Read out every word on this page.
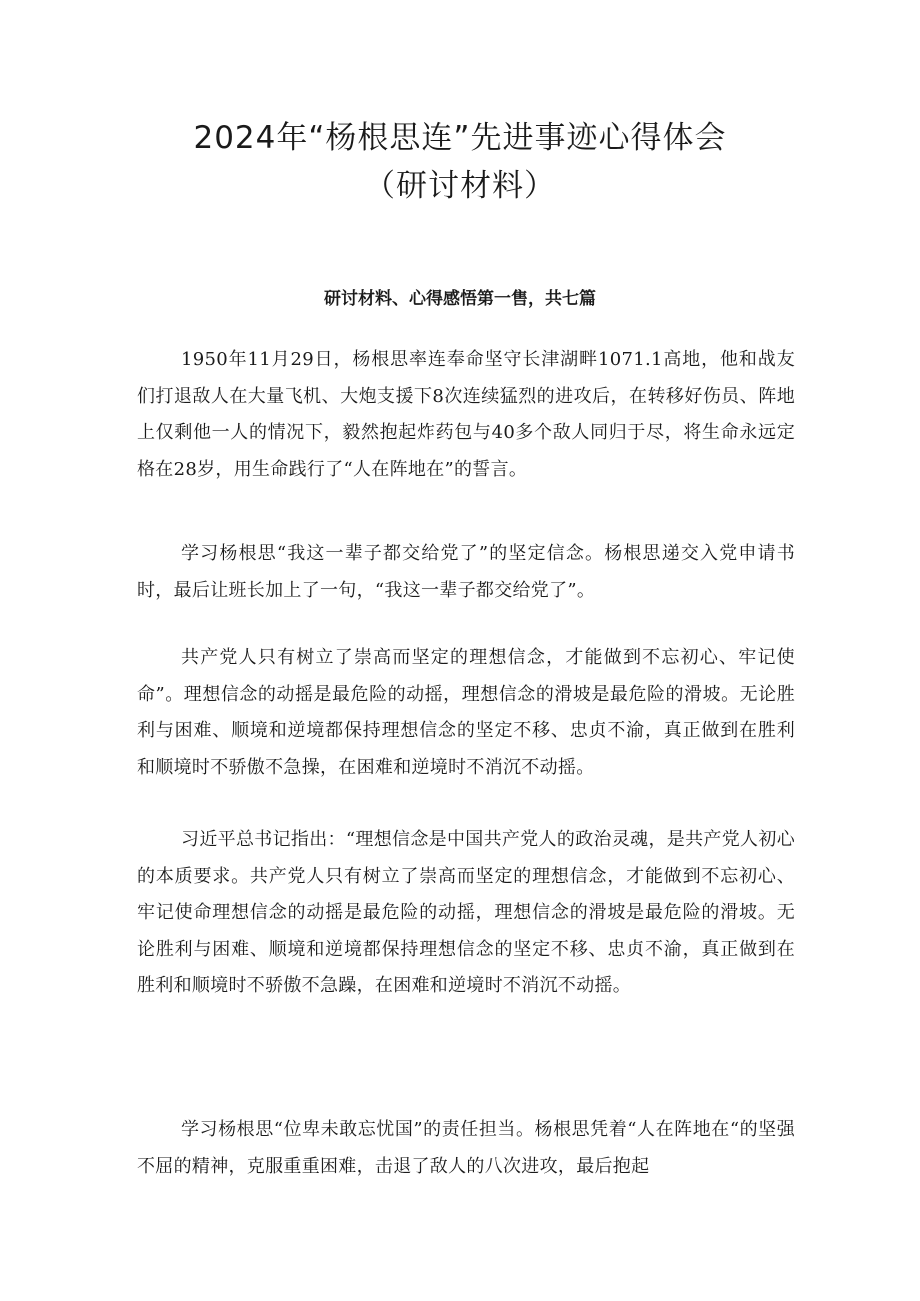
2024年“杨根思连”先进事迹心得体会
（研讨材料）
研讨材料、心得感悟第一售，共七篇

1950年11月29日，杨根思率连奉命坚守长津湖畔1071.1高地，他和战友们打退敌人在大量飞机、大炮支援下8次连续猛烈的进攻后，在转移好伤员、阵地上仅剩他一人的情况下，毅然抱起炸药包与40多个敌人同归于尽，将生命永远定格在28岁，用生命践行了“人在阵地在”的誓言。

学习杨根思“我这一辈子都交给党了”的坚定信念。杨根思递交入党申请书时，最后让班长加上了一句，“我这一辈子都交给党了”。

共产党人只有树立了崇高而坚定的理想信念，才能做到不忘初心、牢记使命”。理想信念的动摇是最危险的动摇，理想信念的滑坡是最危险的滑坡。无论胜利与困难、顺境和逆境都保持理想信念的坚定不移、忠贞不渝，真正做到在胜利和顺境时不骄傲不急操，在困难和逆境时不消沉不动摇。

习近平总书记指出：“理想信念是中国共产党人的政治灵魂，是共产党人初心的本质要求。共产党人只有树立了崇高而坚定的理想信念，才能做到不忘初心、牢记使命理想信念的动摇是最危险的动摇，理想信念的滑坡是最危险的滑坡。无论胜利与困难、顺境和逆境都保持理想信念的坚定不移、忠贞不渝，真正做到在胜利和顺境时不骄傲不急躁，在困难和逆境时不消沉不动摇。

学习杨根思“位卑未敢忘忧国”的责任担当。杨根思凭着“人在阵地在“的坚强不屈的精神，克服重重困难，击退了敌人的八次进攻，最后抱起
